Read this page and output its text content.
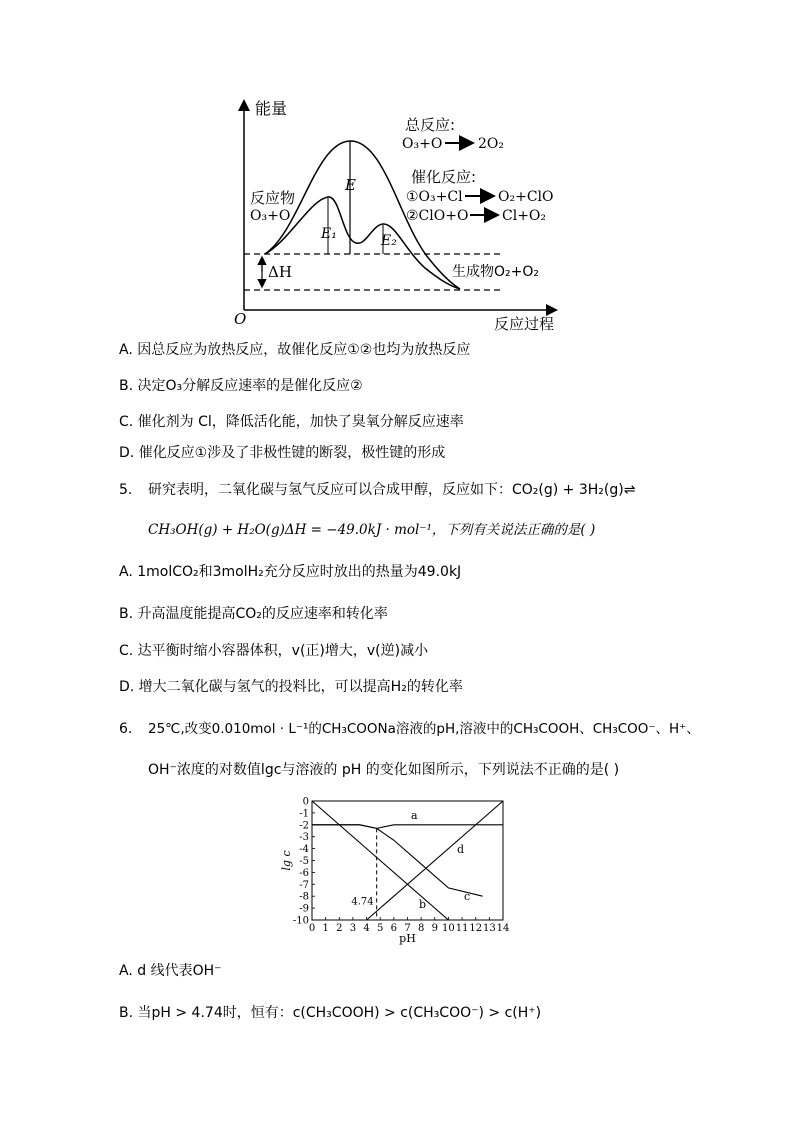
能量
反应过程
O
E
E₁	E₂
ΔH
反应物
O₃+O
生成物O₂+O₂
总反应:
O₃+O	2O₂
催化反应:
①O₃+Cl	O₂+ClO
②ClO+O Cl+O₂
A. 因总反应为放热反应，故催化反应①②也均为放热反应
B. 决定O₃分解反应速率的是催化反应②
C. 催化剂为 Cl，降低活化能，加快了臭氧分解反应速率
D. 催化反应①涉及了非极性键的断裂，极性键的形成
5. 研究表明，二氧化碳与氢气反应可以合成甲醇，反应如下：CO₂(g) + 3H₂(g)⇌
CH₃OH(g) + H₂O(g)ΔH = −49.0kJ · mol⁻¹，下列有关说法正确的是( )
A. 1molCO₂和3molH₂充分反应时放出的热量为49.0kJ
B. 升高温度能提高CO₂的反应速率和转化率
C. 达平衡时缩小容器体积，v(正)增大，v(逆)减小
D. 增大二氧化碳与氢气的投料比，可以提高H₂的转化率
6. 25℃,改变0.010mol · L⁻¹的CH₃COONa溶液的pH,溶液中的CH₃COOH、CH₃COO⁻、H⁺、
OH⁻浓度的对数值lgc与溶液的 pH 的变化如图所示，下列说法不正确的是( )
0 1 2 3 4 5 6 7 8 9 10 11 12 13 14
0
-1
-2
-3
-4
-5
-6
-7
-8
-9
-10
pH
lg c
a
b
c
d
4.74
A. d 线代表OH⁻
B. 当pH > 4.74时，恒有：c(CH₃COOH) > c(CH₃COO⁻) > c(H⁺)
